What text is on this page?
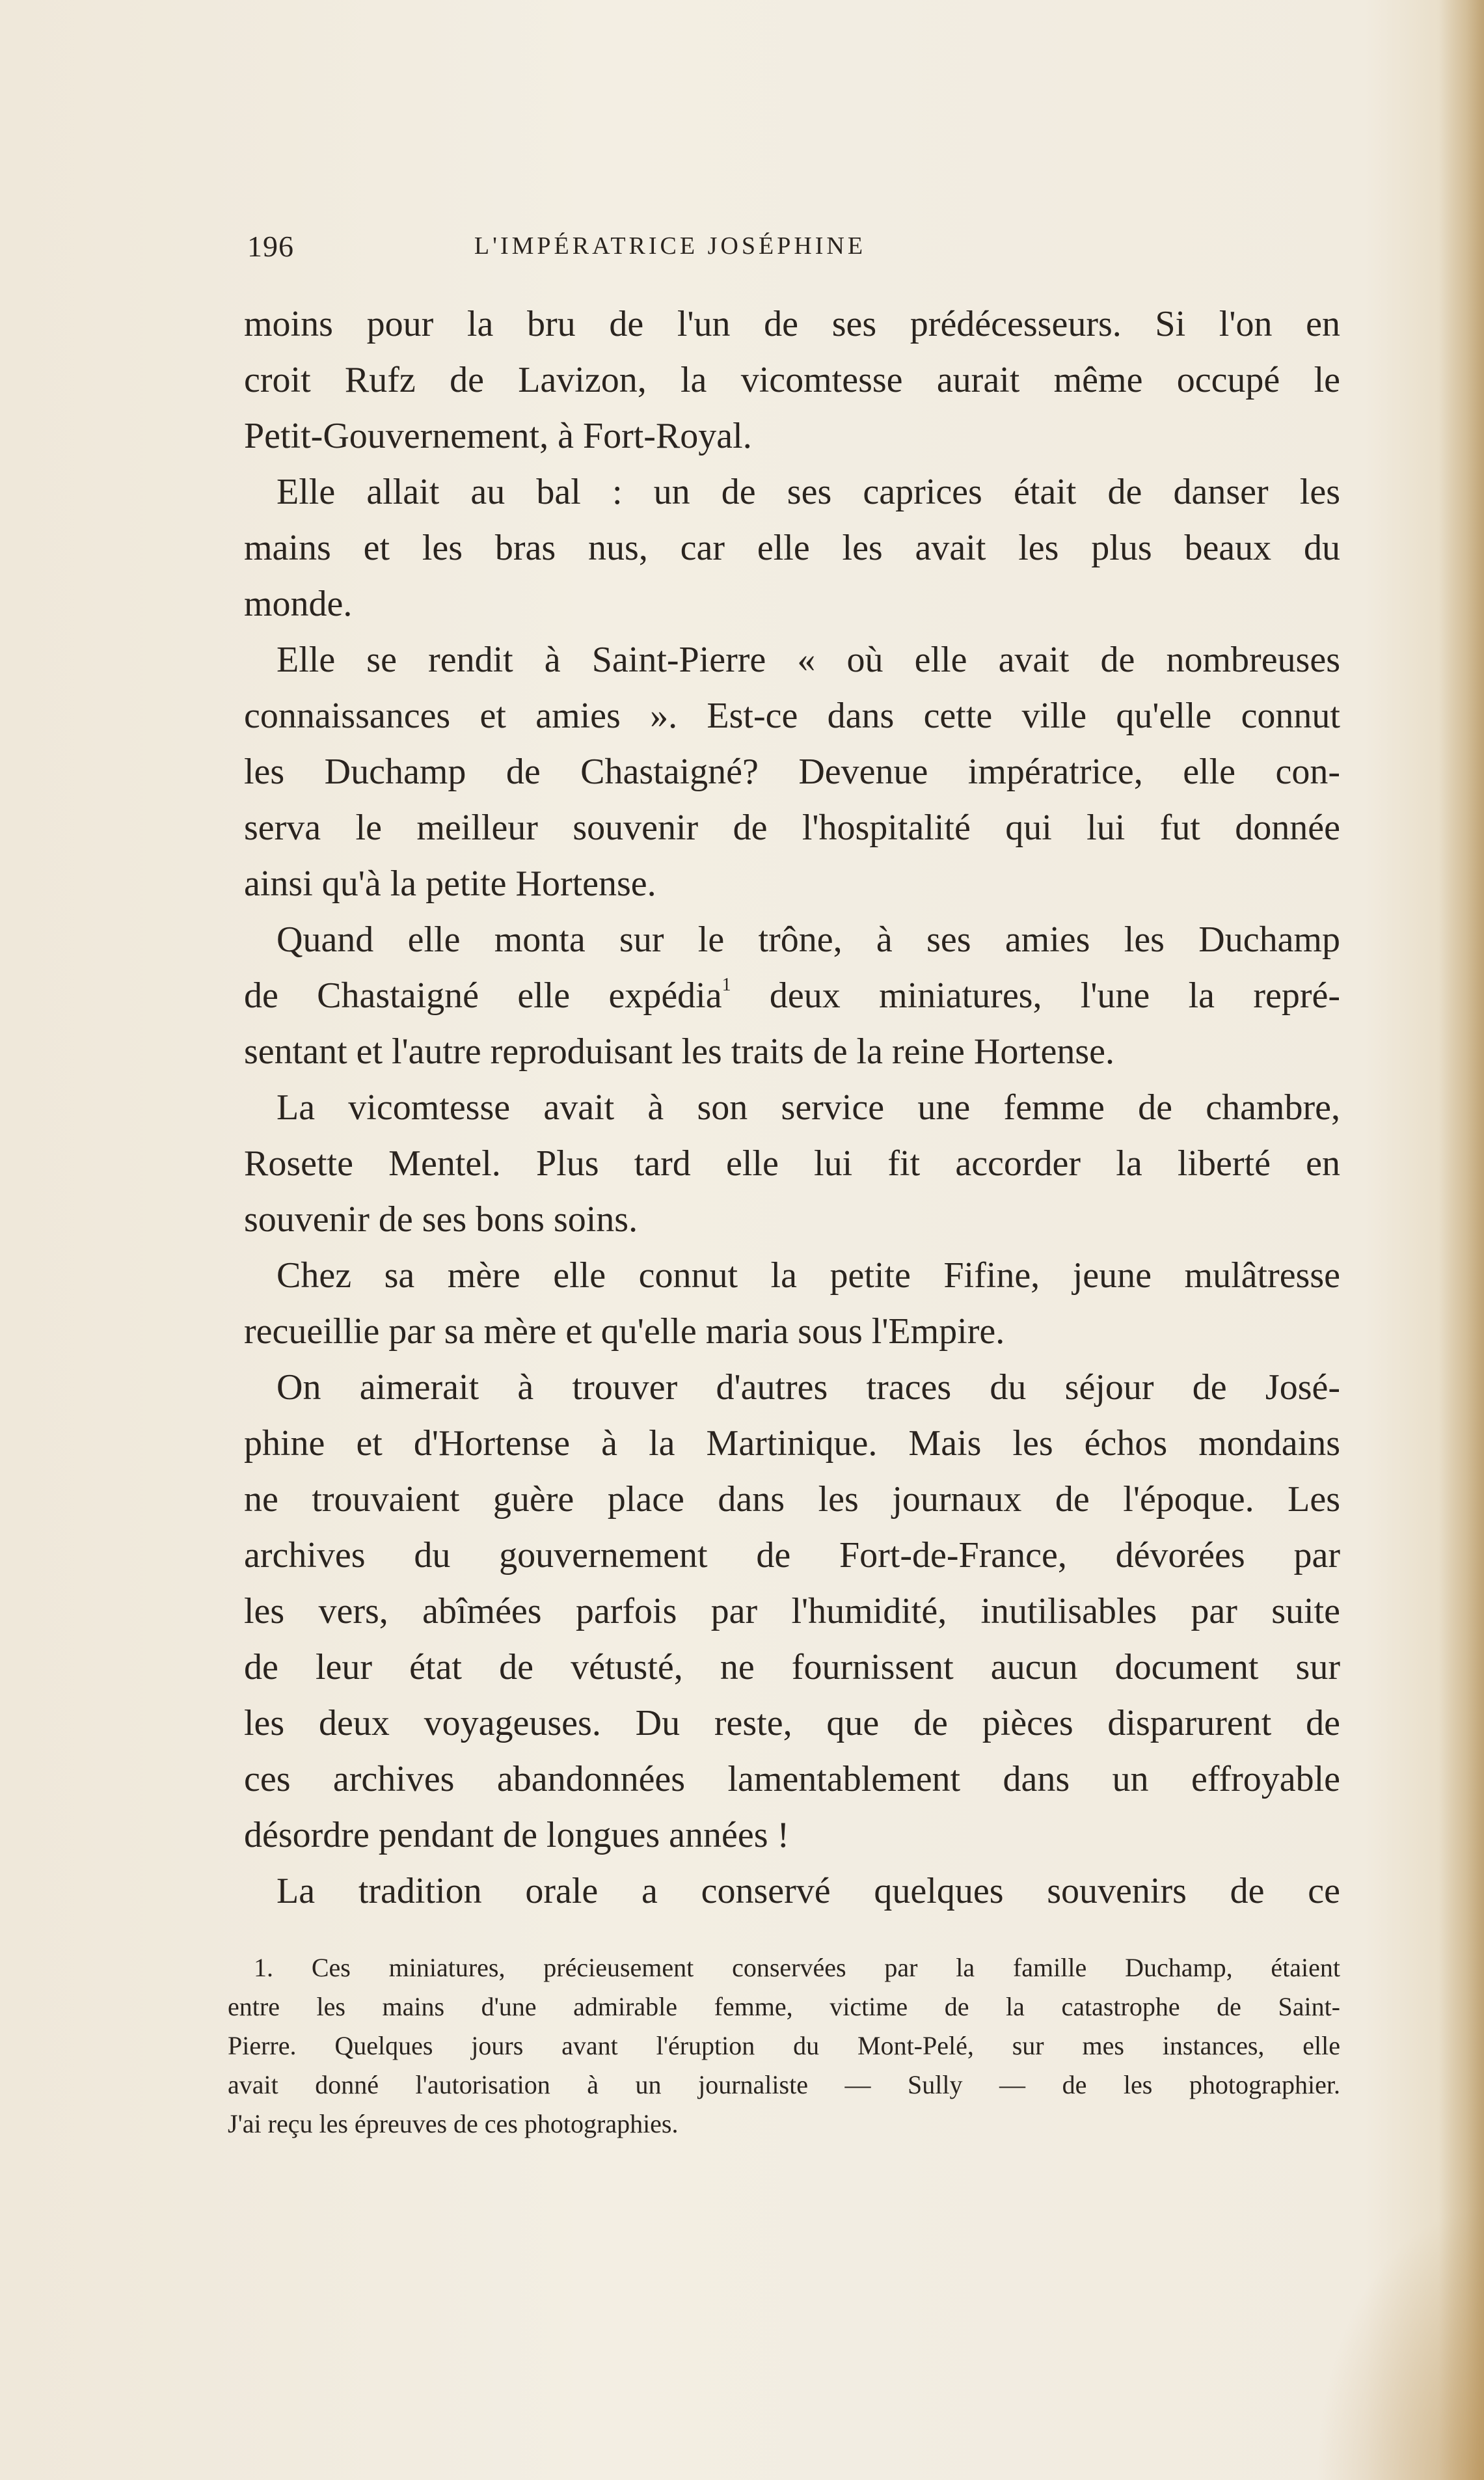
196	L'IMPÉRATRICE JOSÉPHINE
moins pour la bru de l'un de ses prédécesseurs. Si l'on en
croit Rufz de Lavizon, la vicomtesse aurait même occupé le
Petit-Gouvernement, à Fort-Royal.
Elle allait au bal : un de ses caprices était de danser les
mains et les bras nus, car elle les avait les plus beaux du
monde.
Elle se rendit à Saint-Pierre « où elle avait de nombreuses
connaissances et amies ». Est-ce dans cette ville qu'elle connut
les Duchamp de Chastaigné? Devenue impératrice, elle con-
serva le meilleur souvenir de l'hospitalité qui lui fut donnée
ainsi qu'à la petite Hortense.
Quand elle monta sur le trône, à ses amies les Duchamp
de Chastaigné elle expédia$^1$ deux miniatures, l'une la repré-
sentant et l'autre reproduisant les traits de la reine Hortense.
La vicomtesse avait à son service une femme de chambre,
Rosette Mentel. Plus tard elle lui fit accorder la liberté en
souvenir de ses bons soins.
Chez sa mère elle connut la petite Fifine, jeune mulâtresse
recueillie par sa mère et qu'elle maria sous l'Empire.
On aimerait à trouver d'autres traces du séjour de José-
phine et d'Hortense à la Martinique. Mais les échos mondains
ne trouvaient guère place dans les journaux de l'époque. Les
archives du gouvernement de Fort-de-France, dévorées par
les vers, abîmées parfois par l'humidité, inutilisables par suite
de leur état de vétusté, ne fournissent aucun document sur
les deux voyageuses. Du reste, que de pièces disparurent de
ces archives abandonnées lamentablement dans un effroyable
désordre pendant de longues années !
La tradition orale a conservé quelques souvenirs de ce
1. Ces miniatures, précieusement conservées par la famille Duchamp, étaient
entre les mains d'une admirable femme, victime de la catastrophe de Saint-
Pierre. Quelques jours avant l'éruption du Mont-Pelé, sur mes instances, elle
avait donné l'autorisation à un journaliste — Sully — de les photographier.
J'ai reçu les épreuves de ces photographies.
